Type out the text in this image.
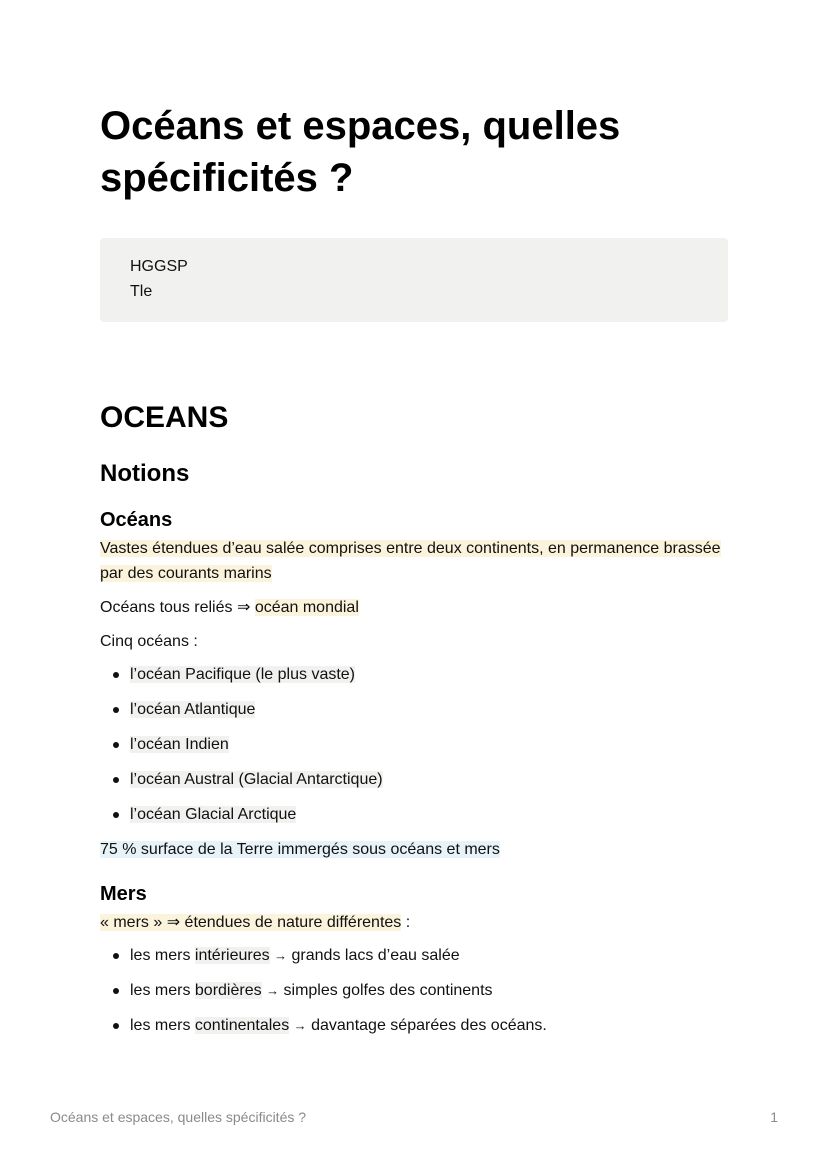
Océans et espaces, quelles spécificités ?
HGGSP
Tle
OCEANS
Notions
Océans

Vastes étendues d’eau salée comprises entre deux continents, en permanence brassée par des courants marins

Océans tous reliés ⇒ océan mondial

Cinq océans :

l’océan Pacifique (le plus vaste)
l’océan Atlantique
l’océan Indien
l’océan Austral (Glacial Antarctique)
l’océan Glacial Arctique

75 % surface de la Terre immergés sous océans et mers

Mers

« mers » ⇒ étendues de nature différentes :

les mers intérieures → grands lacs d’eau salée
les mers bordières → simples golfes des continents
les mers continentales → davantage séparées des océans.
Océans et espaces, quelles spécificités ?	1
